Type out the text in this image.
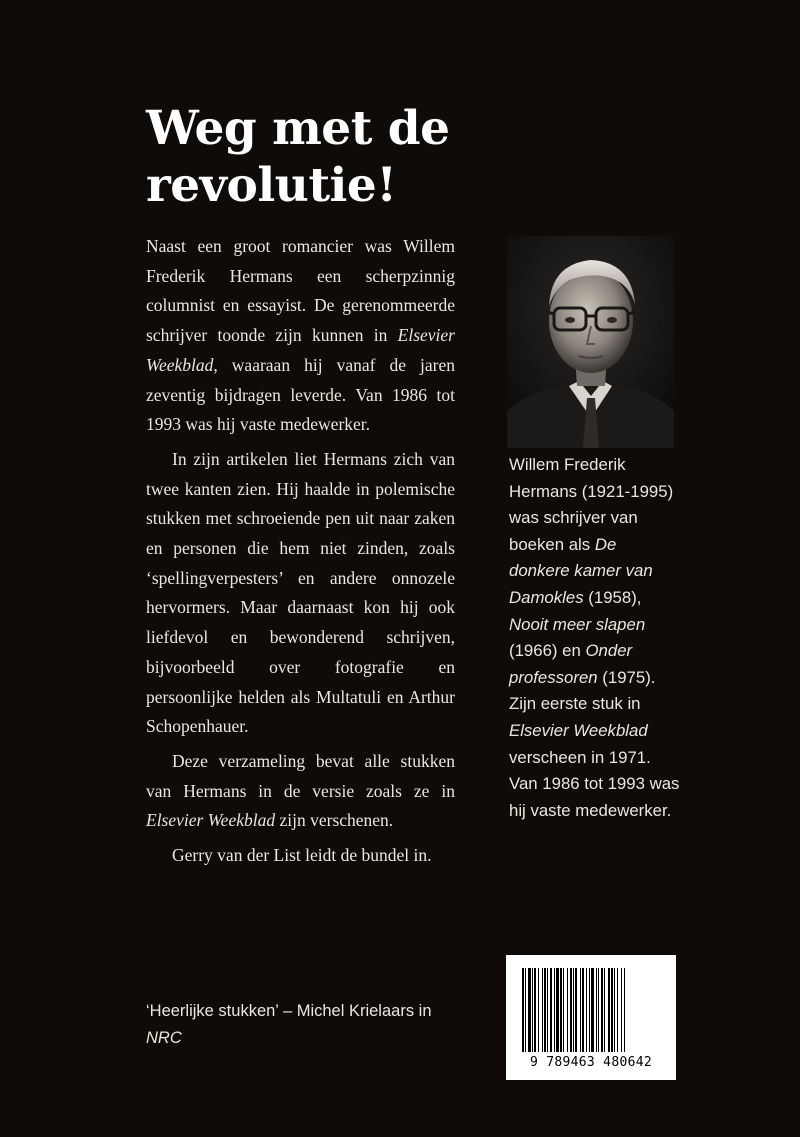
Weg met de
revolutie!

Naast een groot romancier was Willem Frederik Hermans een scherpzinnig columnist en essayist. De gerenommeerde schrijver toonde zijn kunnen in Elsevier Weekblad, waaraan hij vanaf de jaren zeventig bijdragen leverde. Van 1986 tot 1993 was hij vaste medewerker.

In zijn artikelen liet Hermans zich van twee kanten zien. Hij haalde in polemische stukken met schroeiende pen uit naar zaken en personen die hem niet zinden, zoals ‘spellingverpesters’ en andere onnozele hervormers. Maar daarnaast kon hij ook liefdevol en bewonderend schrijven, bijvoorbeeld over fotografie en persoonlijke helden als Multatuli en Arthur Schopenhauer.

Deze verzameling bevat alle stukken van Hermans in de versie zoals ze in Elsevier Weekblad zijn verschenen.

Gerry van der List leidt de bundel in.

Willem Frederik Hermans (1921-1995) was schrijver van boeken als De donkere kamer van Damokles (1958), Nooit meer slapen (1966) en Onder professoren (1975). Zijn eerste stuk in Elsevier Weekblad verscheen in 1971. Van 1986 tot 1993 was hij vaste medewerker.
‘Heerlijke stukken’ – Michel Krielaars in NRC
9 789463 480642
